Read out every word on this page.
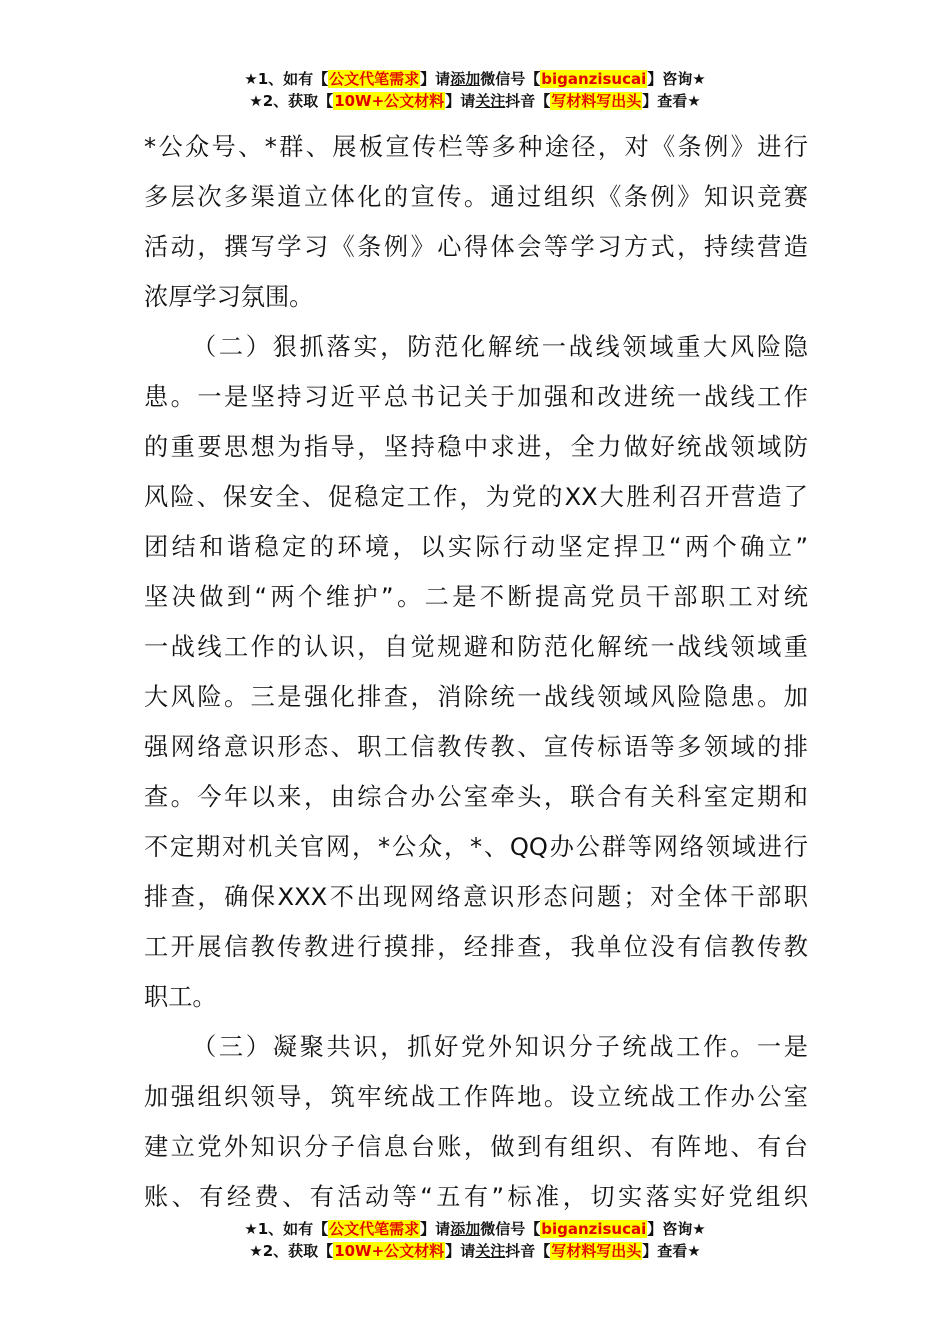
★1、如有【公文代笔需求】请添加微信号【biganzisucai】咨询★
★2、获取【10W+公文材料】请关注抖音【写材料写出头】查看★
*公众号、*群、展板宣传栏等多种途径，对《条例》进行
多层次多渠道立体化的宣传。通过组织《条例》知识竞赛
活动，撰写学习《条例》心得体会等学习方式，持续营造
浓厚学习氛围。
（二）狠抓落实，防范化解统一战线领域重大风险隐
患。一是坚持习近平总书记关于加强和改进统一战线工作
的重要思想为指导，坚持稳中求进，全力做好统战领域防
风险、保安全、促稳定工作，为党的XX大胜利召开营造了
团结和谐稳定的环境，以实际行动坚定捍卫“两个确立”
坚决做到“两个维护”。二是不断提高党员干部职工对统
一战线工作的认识，自觉规避和防范化解统一战线领域重
大风险。三是强化排查，消除统一战线领域风险隐患。加
强网络意识形态、职工信教传教、宣传标语等多领域的排
查。今年以来，由综合办公室牵头，联合有关科室定期和
不定期对机关官网，*公众，*、QQ办公群等网络领域进行
排查，确保XXX不出现网络意识形态问题；对全体干部职
工开展信教传教进行摸排，经排查，我单位没有信教传教
职工。
（三）凝聚共识，抓好党外知识分子统战工作。一是
加强组织领导，筑牢统战工作阵地。设立统战工作办公室
建立党外知识分子信息台账，做到有组织、有阵地、有台
账、有经费、有活动等“五有”标准，切实落实好党组织
★1、如有【公文代笔需求】请添加微信号【biganzisucai】咨询★
★2、获取【10W+公文材料】请关注抖音【写材料写出头】查看★
